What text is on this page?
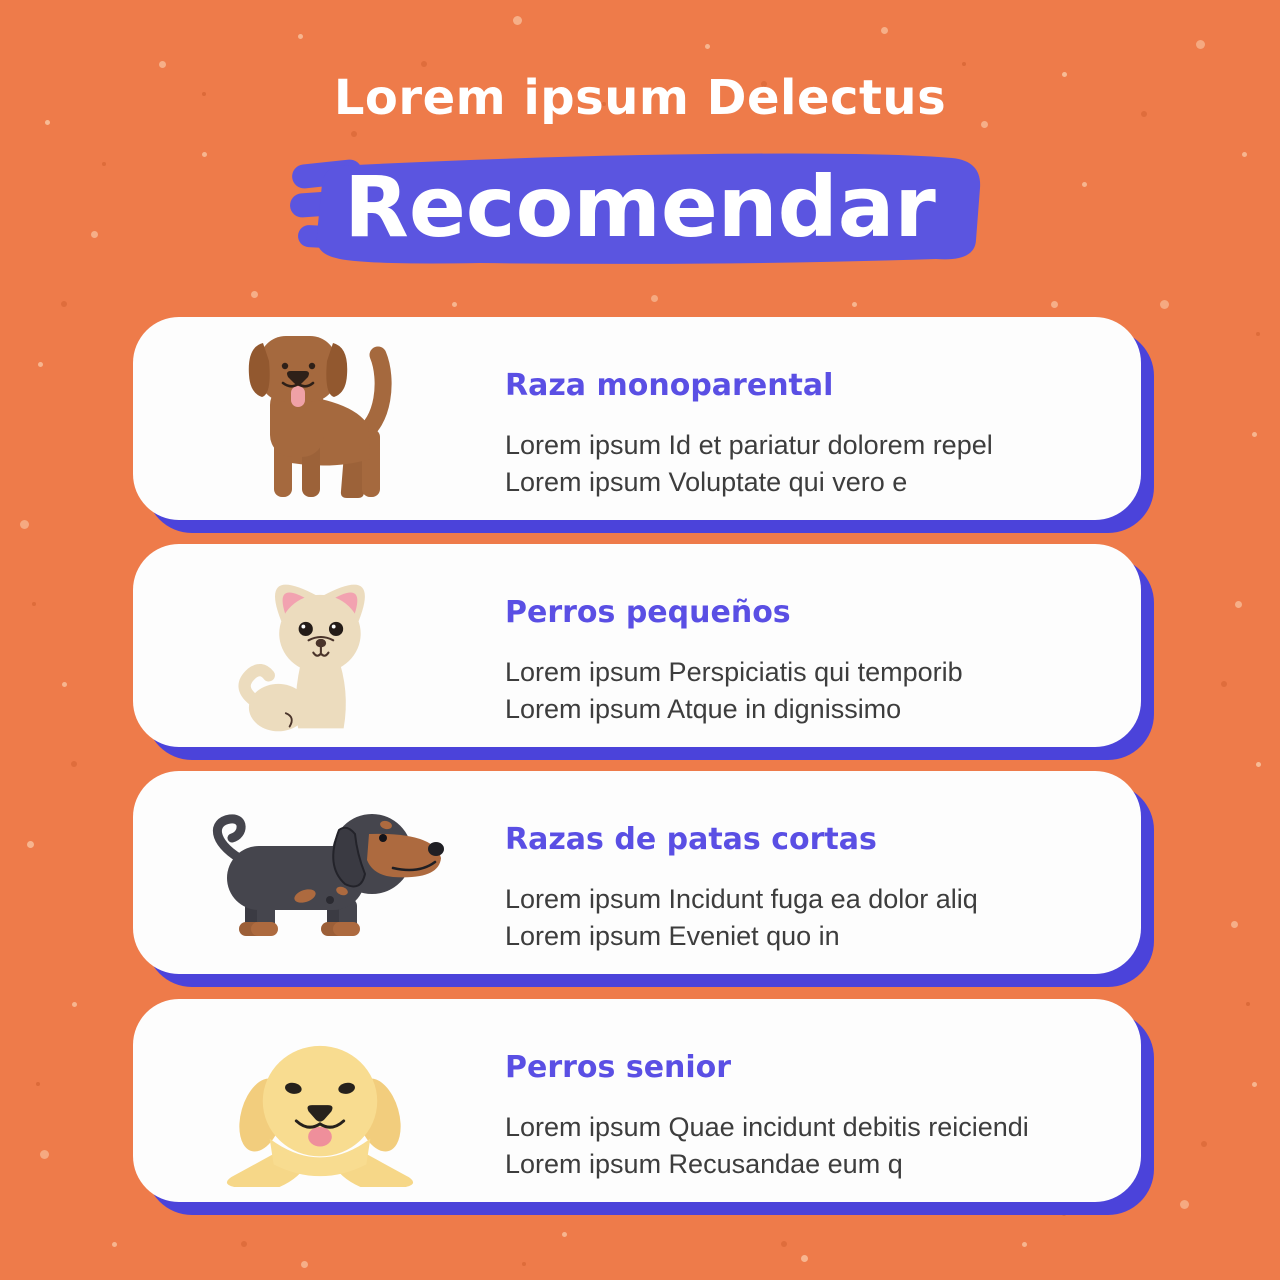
Lorem ipsum Delectus
Recomendar
Raza monoparental
Lorem ipsum Id et pariatur dolorem repel
Lorem ipsum Voluptate qui vero e
Perros pequeños
Lorem ipsum Perspiciatis qui temporib
Lorem ipsum Atque in dignissimo
Razas de patas cortas
Lorem ipsum Incidunt fuga ea dolor aliq
Lorem ipsum Eveniet quo in
Perros senior
Lorem ipsum Quae incidunt debitis reiciendi
Lorem ipsum Recusandae eum q
